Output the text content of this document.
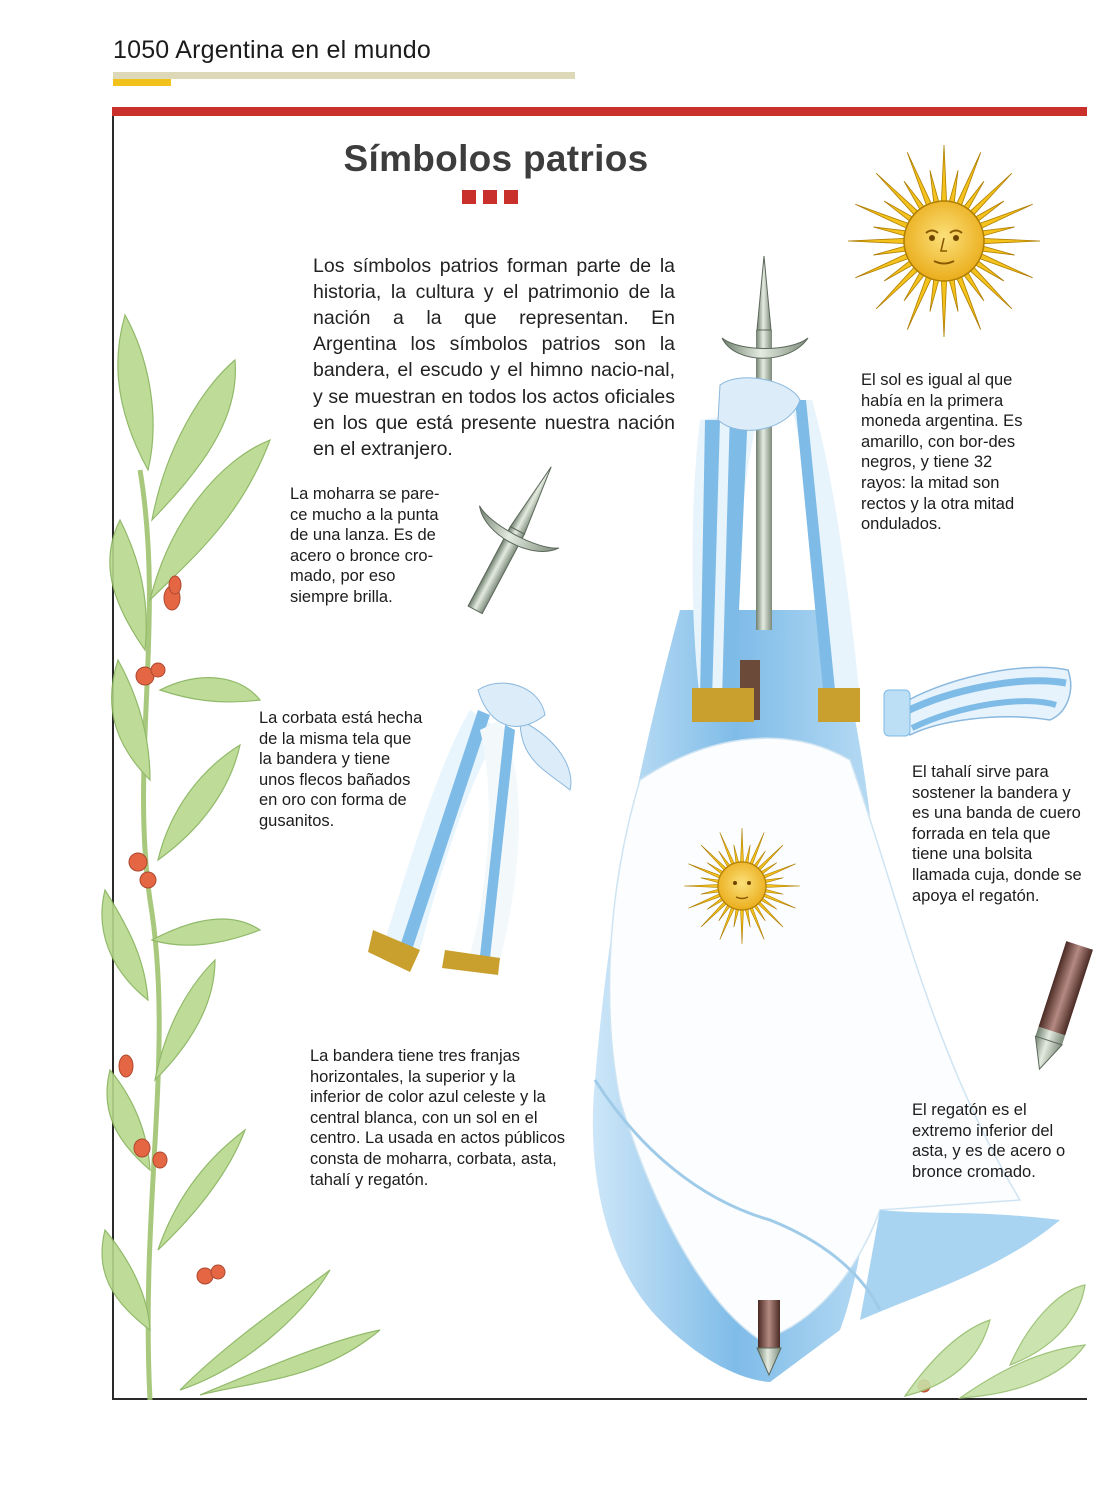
1050 Argentina en el mundo
Símbolos patrios

Los símbolos patrios forman parte de la historia, la cultura y el patrimonio de la nación a la que representan. En Argentina los símbolos patrios son la bandera, el escudo y el himno nacio-nal, y se muestran en todos los actos oficiales en los que está presente nuestra nación en el extranjero.

La moharra se pare-ce mucho a la punta de una lanza. Es de acero o bronce cro-mado, por eso siempre brilla.

La corbata está hecha de la misma tela que la bandera y tiene unos flecos bañados en oro con forma de gusanitos.

La bandera tiene tres franjas horizontales, la superior y la inferior de color azul celeste y la central blanca, con un sol en el centro. La usada en actos públicos consta de moharra, corbata, asta, tahalí y regatón.

El sol es igual al que había en la primera moneda argentina. Es amarillo, con bor-des negros, y tiene 32 rayos: la mitad son rectos y la otra mitad ondulados.

El tahalí sirve para sostener la bandera y es una banda de cuero forrada en tela que tiene una bolsita llamada cuja, donde se apoya el regatón.

El regatón es el extremo inferior del asta, y es de acero o bronce cromado.
